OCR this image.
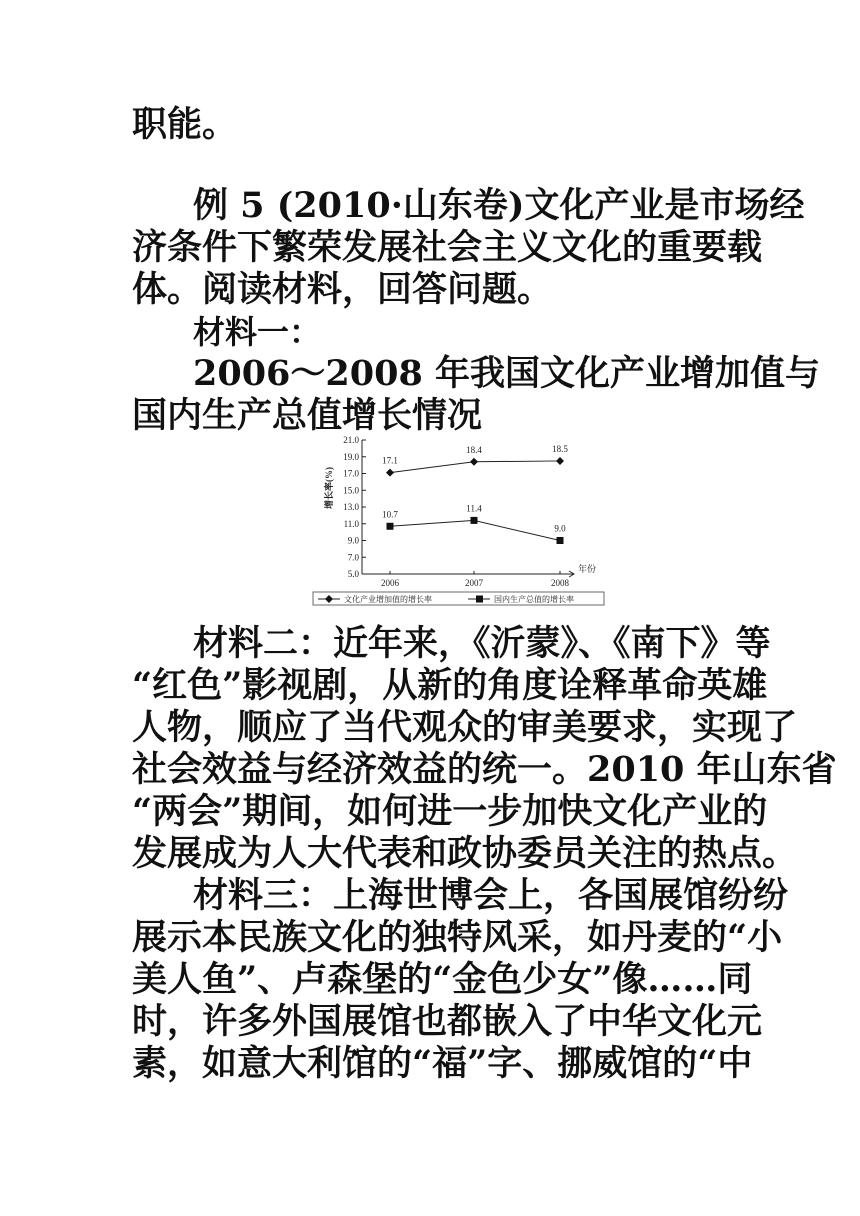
职能。
例 5 (2010·山东卷)文化产业是市场经
济条件下繁荣发展社会主义文化的重要载
体。阅读材料，回答问题。
材料一：
2006～2008 年我国文化产业增加值与
国内生产总值增长情况
5.0
7.0
9.0
11.0
13.0
15.0
17.0
19.0
21.0
增长率(%)
2006	2007	2008
年份
17.1
18.4	18.5
10.7
11.4
9.0
文化产业增加值的增长率	国内生产总值的增长率
材料二：近年来，《沂蒙》、《南下》等
“红色”影视剧，从新的角度诠释革命英雄
人物，顺应了当代观众的审美要求，实现了
社会效益与经济效益的统一。2010 年山东省
“两会”期间，如何进一步加快文化产业的
发展成为人大代表和政协委员关注的热点。
材料三：上海世博会上，各国展馆纷纷
展示本民族文化的独特风采，如丹麦的“小
美人鱼”、卢森堡的“金色少女”像……同
时，许多外国展馆也都嵌入了中华文化元
素，如意大利馆的“福”字、挪威馆的“中
